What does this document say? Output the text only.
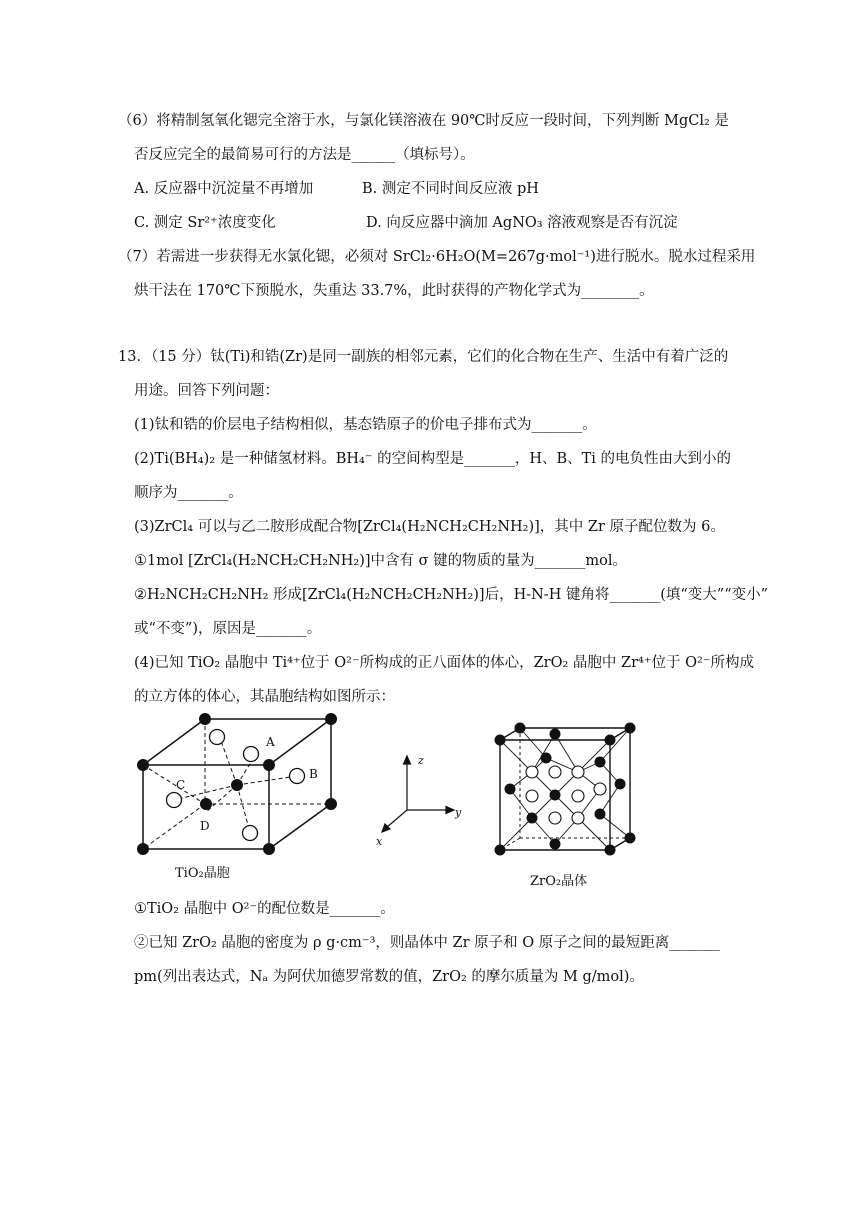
（6）将精制氢氧化锶完全溶于水，与氯化镁溶液在 90℃时反应一段时间，下列判断 MgCl₂ 是
否反应完全的最简易可行的方法是______（填标号）。
A. 反应器中沉淀量不再增加	B. 测定不同时间反应液 pH
C. 测定 Sr²⁺浓度变化	D. 向反应器中滴加 AgNO₃ 溶液观察是否有沉淀
（7）若需进一步获得无水氯化锶，必须对 SrCl₂·6H₂O(M=267g·mol⁻¹)进行脱水。脱水过程采用
烘干法在 170℃下预脱水，失重达 33.7%，此时获得的产物化学式为________。
13．（15 分）钛(Ti)和锆(Zr)是同一副族的相邻元素，它们的化合物在生产、生活中有着广泛的
用途。回答下列问题：
(1)钛和锆的价层电子结构相似，基态锆原子的价电子排布式为_______。
(2)Ti(BH₄)₂ 是一种储氢材料。BH₄⁻ 的空间构型是_______，H、B、Ti 的电负性由大到小的
顺序为_______。
(3)ZrCl₄ 可以与乙二胺形成配合物[ZrCl₄(H₂NCH₂CH₂NH₂)]，其中 Zr 原子配位数为 6。
①1mol [ZrCl₄(H₂NCH₂CH₂NH₂)]中含有 σ 键的物质的量为_______mol。
②H₂NCH₂CH₂NH₂ 形成[ZrCl₄(H₂NCH₂CH₂NH₂)]后，H-N-H 键角将_______(填“变大”“变小”
或“不变”)，原因是_______。
(4)已知 TiO₂ 晶胞中 Ti⁴⁺位于 O²⁻所构成的正八面体的体心，ZrO₂ 晶胞中 Zr⁴⁺位于 O²⁻所构成
的立方体的体心，其晶胞结构如图所示：
A
B
C
D
TiO₂晶胞
z
y
x
ZrO₂晶体
①TiO₂ 晶胞中 O²⁻的配位数是_______。
②已知 ZrO₂ 晶胞的密度为 ρ g·cm⁻³，则晶体中 Zr 原子和 O 原子之间的最短距离_______
pm(列出表达式，Nₐ 为阿伏加德罗常数的值，ZrO₂ 的摩尔质量为 M g/mol)。
